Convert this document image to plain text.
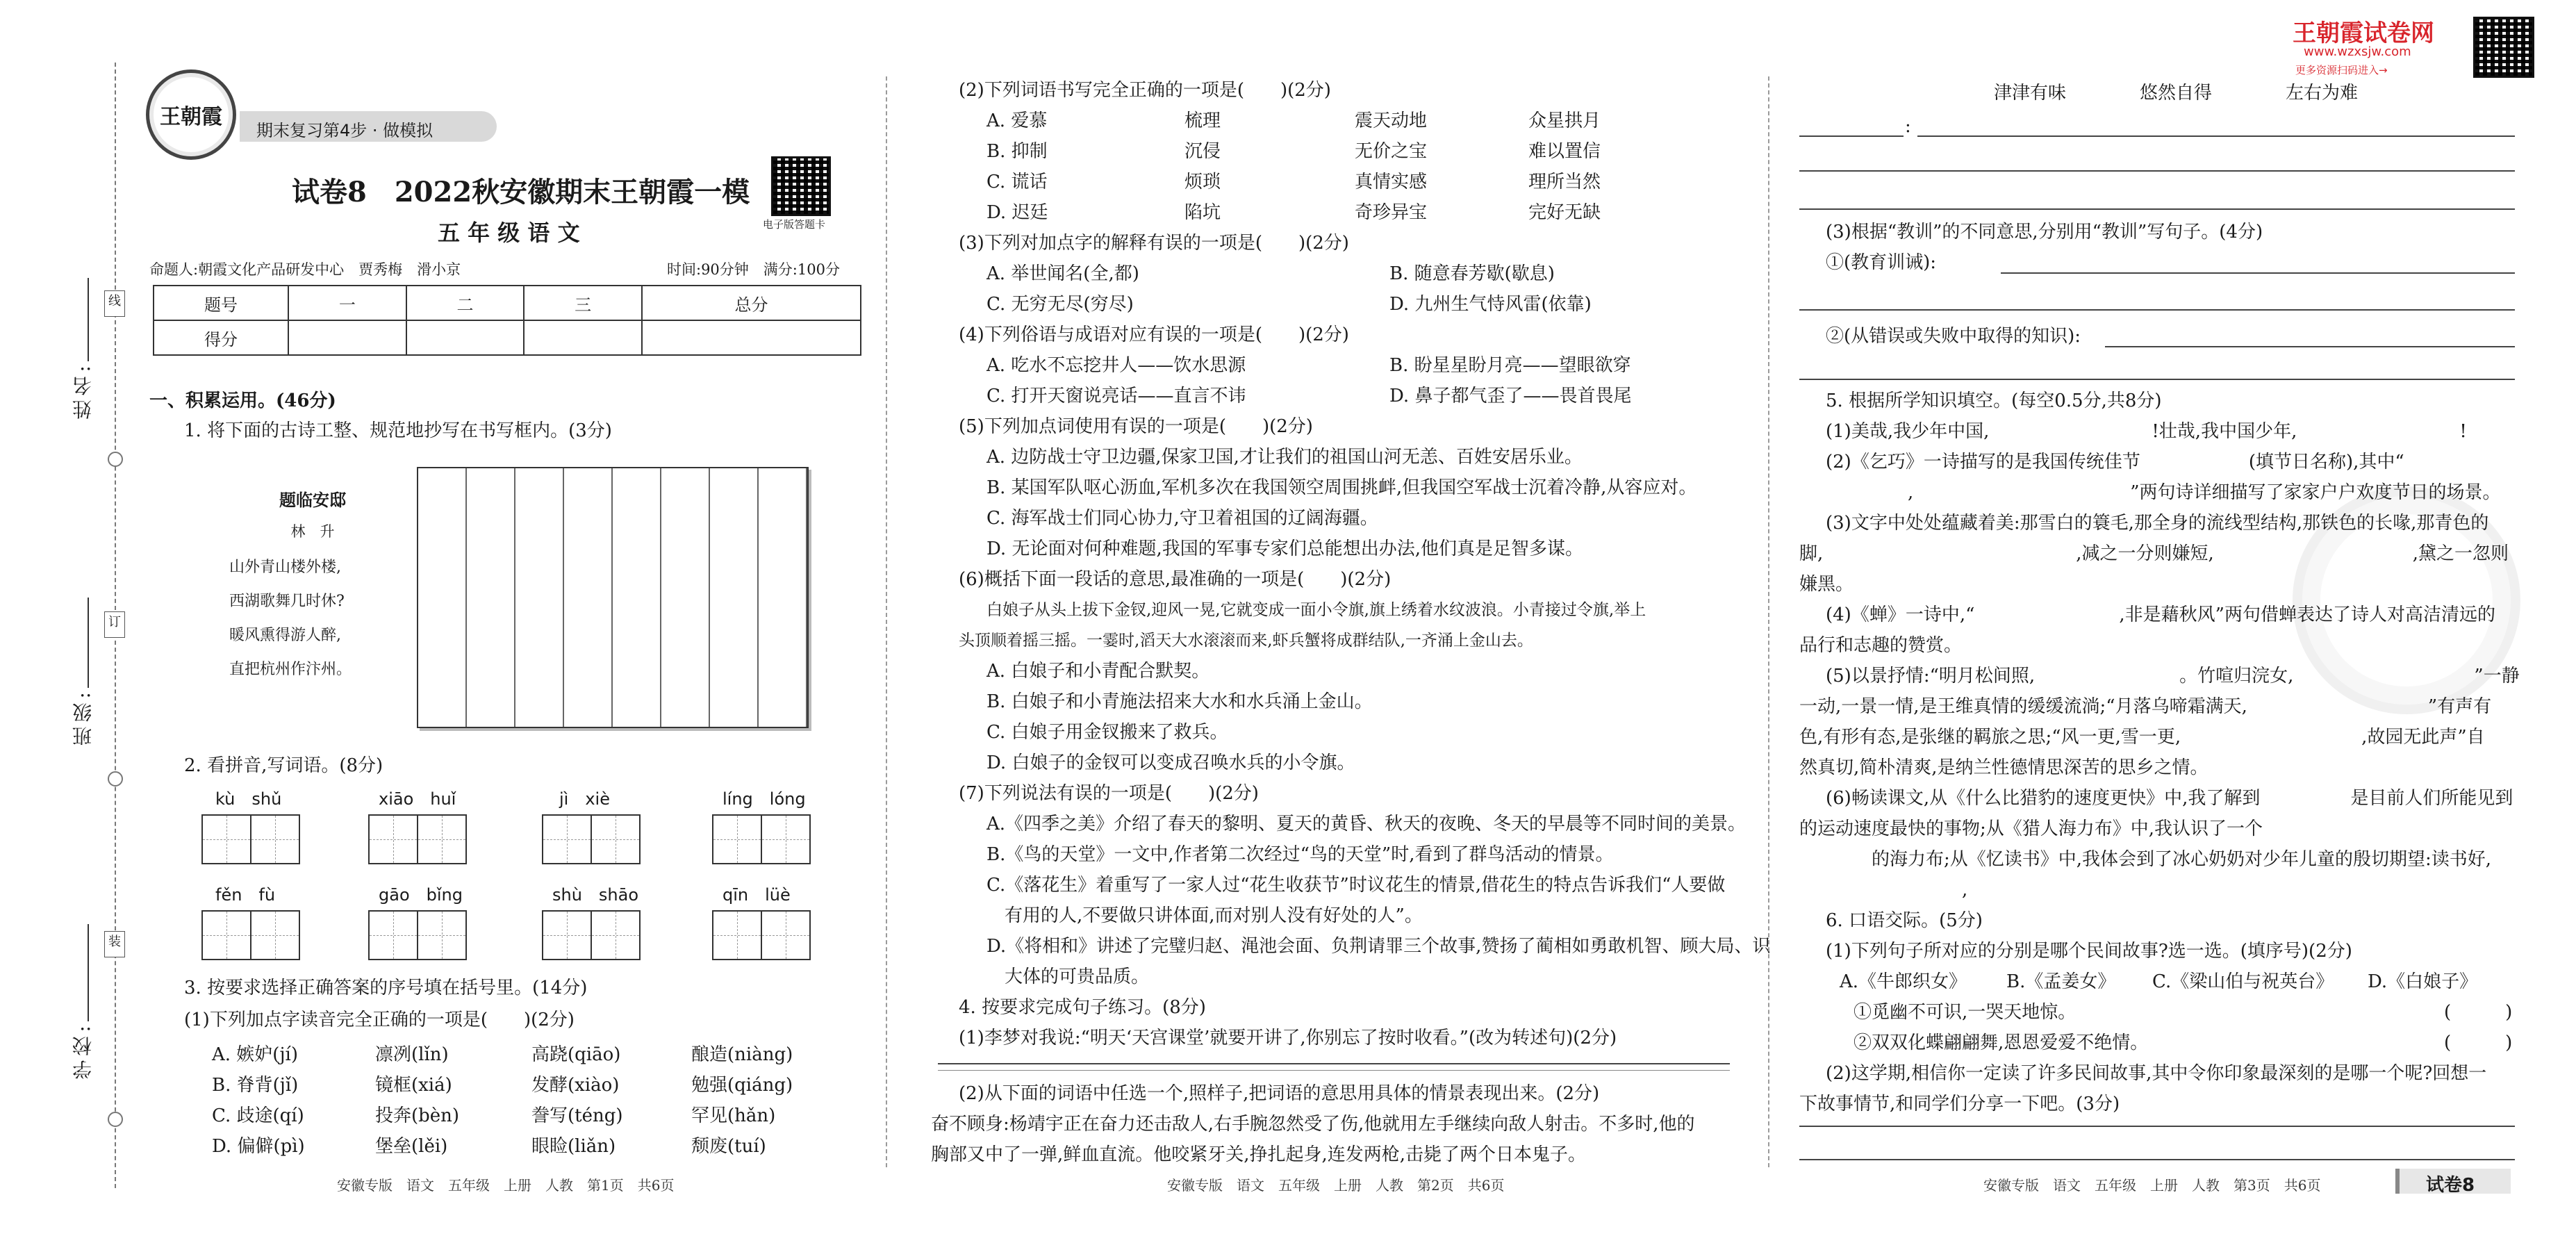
线
订
装
姓名:
班级:
学校:
王朝霞
期末复习第4步 · 做模拟
试卷8　2022秋安徽期末王朝霞一模
五 年 级 语 文	电子版答题卡
命题人:朝霞文化产品研发中心　贾秀梅　滑小京	时间:90分钟　满分:100分
题号	一	二	三	总分
得分				
一、积累运用。(46分)
1. 将下面的古诗工整、规范地抄写在书写框内。(3分)
题临安邸
林　升
山外青山楼外楼,
西湖歌舞几时休?
暖风熏得游人醉,
直把杭州作汴州。
2. 看拼音,写词语。(8分)
kù　shǔ	xiāo　huǐ	jì　xiè	líng　lóng
fěn　fù	gāo　bǐng	shù　shāo	qīn　lüè
3. 按要求选择正确答案的序号填在括号里。(14分)
(1)下列加点字读音完全正确的一项是(　　)(2分)
A. 嫉妒(jí)	凛冽(lǐn)	高跷(qiāo)	酿造(niàng)
B. 脊背(jǐ)	镜框(xiá)	发酵(xiào)	勉强(qiáng)
C. 歧途(qí)	投奔(bèn)	誊写(téng)	罕见(hǎn)
D. 偏僻(pì)	堡垒(lěi)	眼睑(liǎn)	颓废(tuí)
安徽专版　语文　五年级　上册　人教　第1页　共6页
(2)下列词语书写完全正确的一项是(　　)(2分)
A. 爱慕	梳理	震天动地	众星拱月
B. 抑制	沉侵	无价之宝	难以置信
C. 谎话	烦琐	真情实感	理所当然
D. 迟廷	陷坑	奇珍异宝	完好无缺
(3)下列对加点字的解释有误的一项是(　　)(2分)
A. 举世闻名(全,都)	B. 随意春芳歇(歇息)
C. 无穷无尽(穷尽)	D. 九州生气恃风雷(依靠)
(4)下列俗语与成语对应有误的一项是(　　)(2分)
A. 吃水不忘挖井人——饮水思源	B. 盼星星盼月亮——望眼欲穿
C. 打开天窗说亮话——直言不讳	D. 鼻子都气歪了——畏首畏尾
(5)下列加点词使用有误的一项是(　　)(2分)
A. 边防战士守卫边疆,保家卫国,才让我们的祖国山河无恙、百姓安居乐业。
B. 某国军队呕心沥血,军机多次在我国领空周围挑衅,但我国空军战士沉着冷静,从容应对。
C. 海军战士们同心协力,守卫着祖国的辽阔海疆。
D. 无论面对何种难题,我国的军事专家们总能想出办法,他们真是足智多谋。
(6)概括下面一段话的意思,最准确的一项是(　　)(2分)
白娘子从头上拔下金钗,迎风一晃,它就变成一面小令旗,旗上绣着水纹波浪。小青接过令旗,举上
头顶顺着摇三摇。一霎时,滔天大水滚滚而来,虾兵蟹将成群结队,一齐涌上金山去。
A. 白娘子和小青配合默契。
B. 白娘子和小青施法招来大水和水兵涌上金山。
C. 白娘子用金钗搬来了救兵。
D. 白娘子的金钗可以变成召唤水兵的小令旗。
(7)下列说法有误的一项是(　　)(2分)
A.《四季之美》介绍了春天的黎明、夏天的黄昏、秋天的夜晚、冬天的早晨等不同时间的美景。
B.《鸟的天堂》一文中,作者第二次经过“鸟的天堂”时,看到了群鸟活动的情景。
C.《落花生》着重写了一家人过“花生收获节”时议花生的情景,借花生的特点告诉我们“人要做
　有用的人,不要做只讲体面,而对别人没有好处的人”。
D.《将相和》讲述了完璧归赵、渑池会面、负荆请罪三个故事,赞扬了蔺相如勇敢机智、顾大局、识
　大体的可贵品质。
4. 按要求完成句子练习。(8分)
(1)李梦对我说:“明天‘天宫课堂’就要开讲了,你别忘了按时收看。”(改为转述句)(2分)
(2)从下面的词语中任选一个,照样子,把词语的意思用具体的情景表现出来。(2分)
奋不顾身:杨靖宇正在奋力还击敌人,右手腕忽然受了伤,他就用左手继续向敌人射击。不多时,他的
胸部又中了一弹,鲜血直流。他咬紧牙关,挣扎起身,连发两枪,击毙了两个日本鬼子。
安徽专版　语文　五年级　上册　人教　第2页　共6页
王朝霞试卷网
www.wzxsjw.com
更多资源扫码进入→
津津有味	悠然自得	左右为难
:
(3)根据“教训”的不同意思,分别用“教训”写句子。(4分)
①(教育训诫):
②(从错误或失败中取得的知识):
5. 根据所学知识填空。(每空0.5分,共8分)
(1)美哉,我少年中国,　　　　　　　　　!壮哉,我中国少年,　　　　　　　　　!
(2)《乞巧》一诗描写的是我国传统佳节　　　　　　(填节日名称),其中“
　　　　　　,　　　　　　　　　　　　”两句诗详细描写了家家户户欢度节日的场景。
(3)文字中处处蕴藏着美:那雪白的簑毛,那全身的流线型结构,那铁色的长喙,那青色的
脚,　　　　　　　　　　　　　　,减之一分则嫌短,　　　　　　　　　　　,黛之一忽则
嫌黑。
(4)《蝉》一诗中,“　　　　　　　　,非是藉秋风”两句借蝉表达了诗人对高洁清远的
品行和志趣的赞赏。
(5)以景抒情:“明月松间照,　　　　　　　　。竹喧归浣女,　　　　　　　　　　”一静
一动,一景一情,是王维真情的缓缓流淌;“月落乌啼霜满天,　　　　　　　　　　”有声有
色,有形有态,是张继的羁旅之思;“风一更,雪一更,　　　　　　　　　　,故园无此声”自
然真切,简朴清爽,是纳兰性德情思深苦的思乡之情。
(6)畅读课文,从《什么比猎豹的速度更快》中,我了解到　　　　　是目前人们所能见到
的运动速度最快的事物;从《猎人海力布》中,我认识了一个
　　　　的海力布;从《忆读书》中,我体会到了冰心奶奶对少年儿童的殷切期望:读书好,
　　　　　　　　　,
6. 口语交际。(5分)
(1)下列句子所对应的分别是哪个民间故事?选一选。(填序号)(2分)
A.《牛郎织女》	B.《孟姜女》	C.《梁山伯与祝英台》	D.《白娘子》
①觅幽不可识,一哭天地惊。	(　　　)
②双双化蝶翩翩舞,恩恩爱爱不绝情。	(　　　)
(2)这学期,相信你一定读了许多民间故事,其中令你印象最深刻的是哪一个呢?回想一
下故事情节,和同学们分享一下吧。(3分)
安徽专版　语文　五年级　上册　人教　第3页　共6页	试卷8
